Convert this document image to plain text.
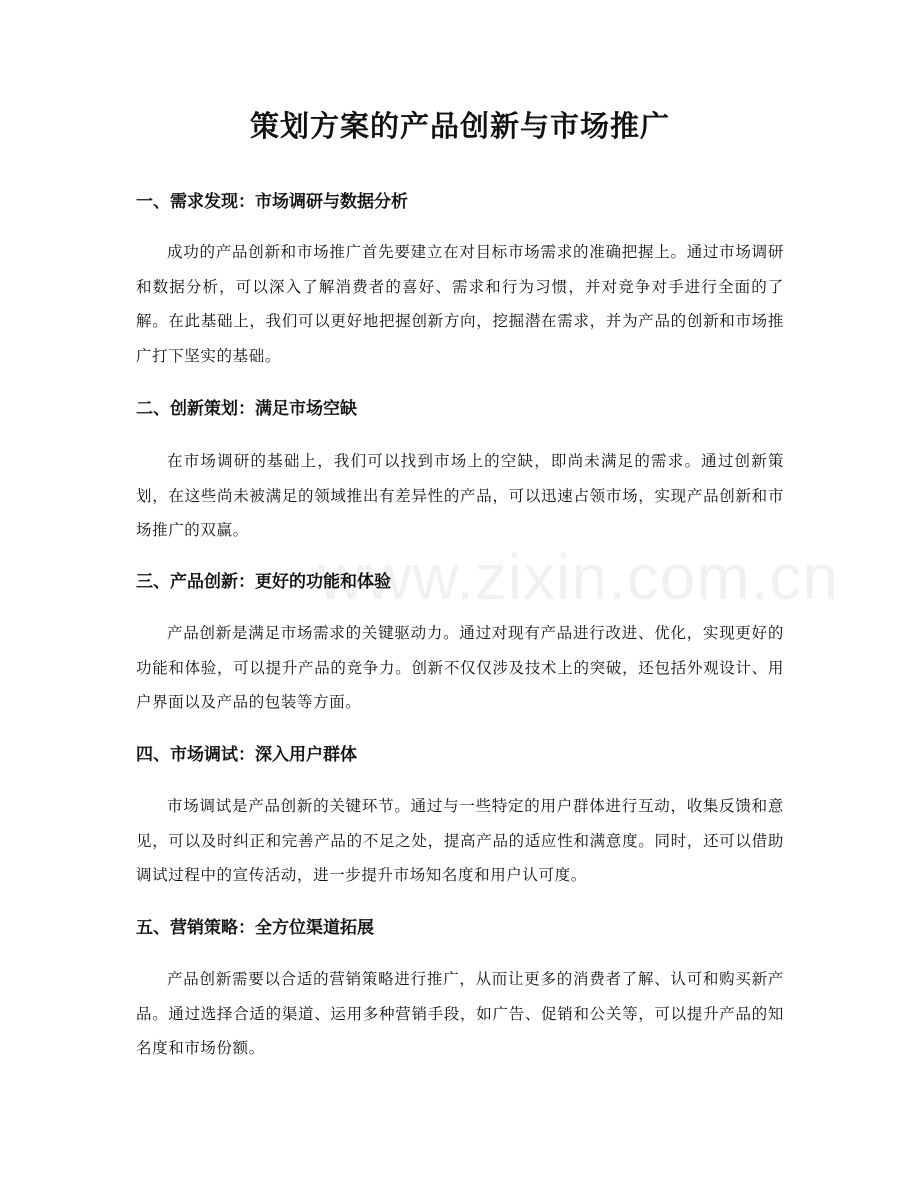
www.zixin.com.cn
策划方案的产品创新与市场推广
一、需求发现：市场调研与数据分析
成功的产品创新和市场推广首先要建立在对目标市场需求的准确把握上。通过市场调研和数据分析，可以深入了解消费者的喜好、需求和行为习惯，并对竞争对手进行全面的了解。在此基础上，我们可以更好地把握创新方向，挖掘潜在需求，并为产品的创新和市场推广打下坚实的基础。
二、创新策划：满足市场空缺
在市场调研的基础上，我们可以找到市场上的空缺，即尚未满足的需求。通过创新策划，在这些尚未被满足的领域推出有差异性的产品，可以迅速占领市场，实现产品创新和市场推广的双赢。
三、产品创新：更好的功能和体验
产品创新是满足市场需求的关键驱动力。通过对现有产品进行改进、优化，实现更好的功能和体验，可以提升产品的竞争力。创新不仅仅涉及技术上的突破，还包括外观设计、用户界面以及产品的包装等方面。
四、市场调试：深入用户群体
市场调试是产品创新的关键环节。通过与一些特定的用户群体进行互动，收集反馈和意见，可以及时纠正和完善产品的不足之处，提高产品的适应性和满意度。同时，还可以借助调试过程中的宣传活动，进一步提升市场知名度和用户认可度。
五、营销策略：全方位渠道拓展
产品创新需要以合适的营销策略进行推广，从而让更多的消费者了解、认可和购买新产品。通过选择合适的渠道、运用多种营销手段，如广告、促销和公关等，可以提升产品的知名度和市场份额。
